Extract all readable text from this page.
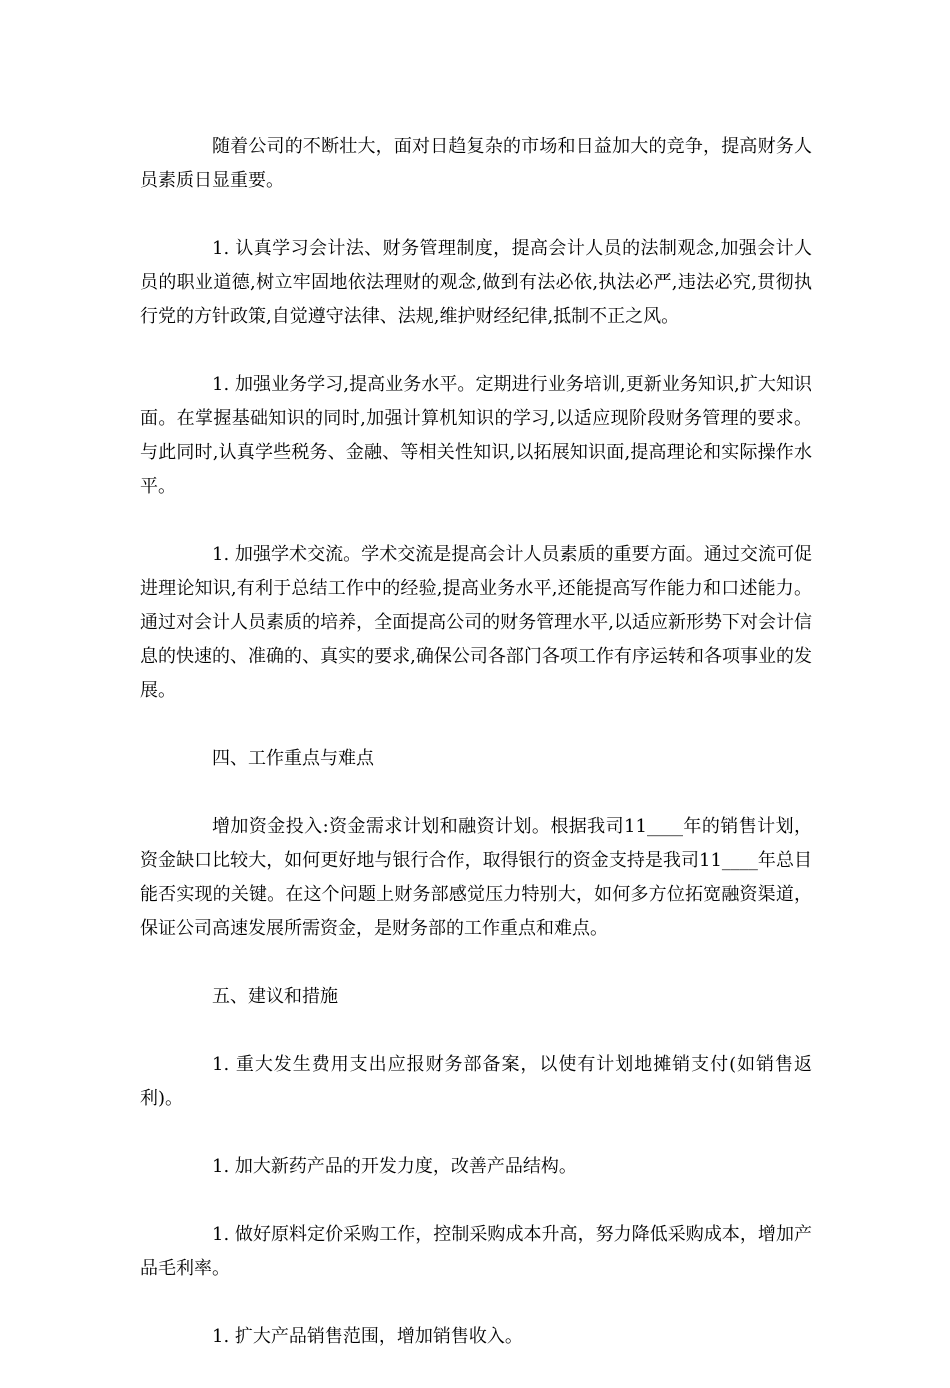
随着公司的不断壮大，面对日趋复杂的市场和日益加大的竞争，提高财务人员素质日显重要。

1. 认真学习会计法、财务管理制度，提高会计人员的法制观念,加强会计人员的职业道德,树立牢固地依法理财的观念,做到有法必依,执法必严,违法必究,贯彻执行党的方针政策,自觉遵守法律、法规,维护财经纪律,抵制不正之风。

1. 加强业务学习,提高业务水平。定期进行业务培训,更新业务知识,扩大知识面。在掌握基础知识的同时,加强计算机知识的学习,以适应现阶段财务管理的要求。与此同时,认真学些税务、金融、等相关性知识,以拓展知识面,提高理论和实际操作水平。

1. 加强学术交流。学术交流是提高会计人员素质的重要方面。通过交流可促进理论知识,有利于总结工作中的经验,提高业务水平,还能提高写作能力和口述能力。通过对会计人员素质的培养，全面提高公司的财务管理水平,以适应新形势下对会计信息的快速的、准确的、真实的要求,确保公司各部门各项工作有序运转和各项事业的发展。

四、工作重点与难点

增加资金投入:资金需求计划和融资计划。根据我司11____年的销售计划，资金缺口比较大，如何更好地与银行合作，取得银行的资金支持是我司11____年总目能否实现的关键。在这个问题上财务部感觉压力特别大，如何多方位拓宽融资渠道，保证公司高速发展所需资金，是财务部的工作重点和难点。

五、建议和措施

1. 重大发生费用支出应报财务部备案，以使有计划地摊销支付(如销售返利)。

1. 加大新药产品的开发力度，改善产品结构。

1. 做好原料定价采购工作，控制采购成本升高，努力降低采购成本，增加产品毛利率。

1. 扩大产品销售范围，增加销售收入。
